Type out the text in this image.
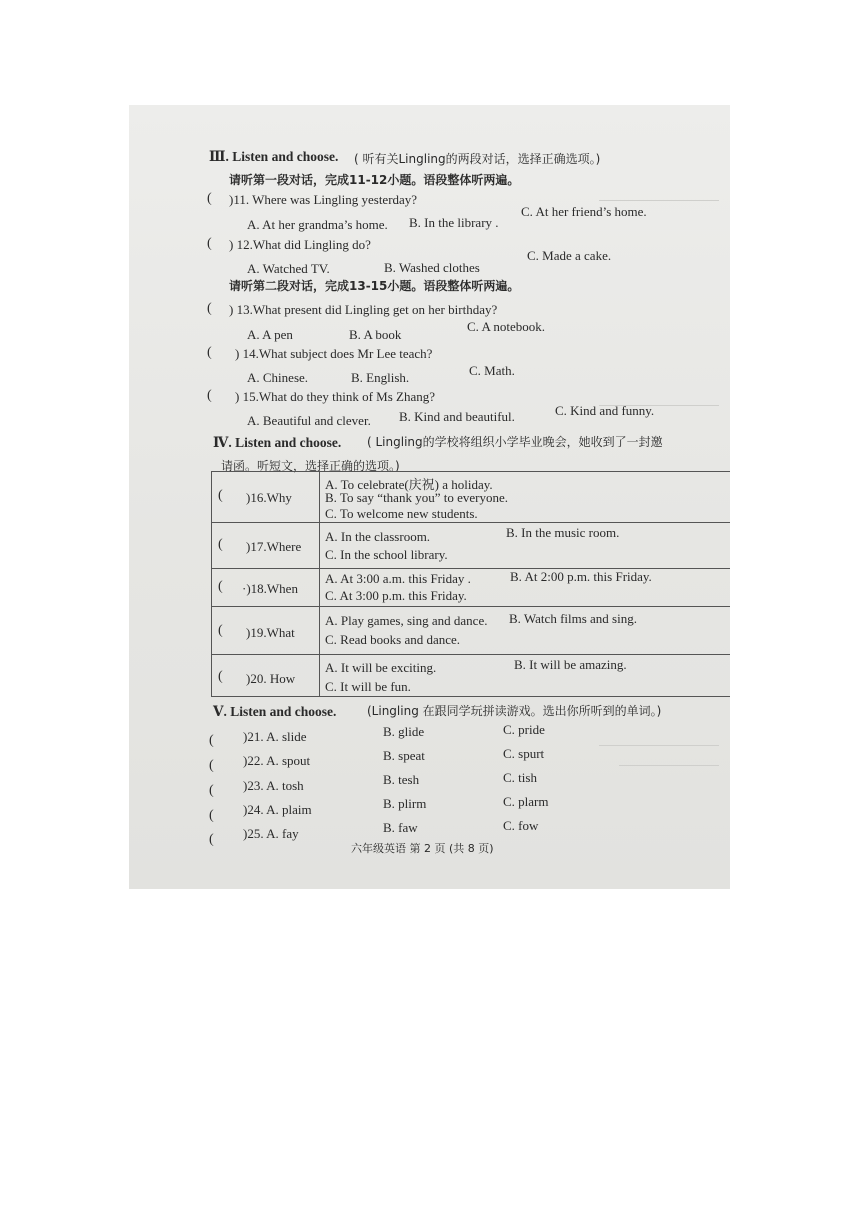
Ⅲ. Listen and choose. ( 听有关Lingling的两段对话，选择正确选项。)
请听第一段对话，完成11-12小题。语段整体听两遍。
( )11. Where was Lingling yesterday?
A. At her grandma’s home. B. In the library .
C. At her friend’s home.
( ) 12.What did Lingling do?
A. Watched TV.	B. Washed clothes
C. Made a cake.
请听第二段对话，完成13-15小题。语段整体听两遍。
( ) 13.What present did Lingling get on her birthday?
A. A pen	B. A book
C. A notebook.
( ) 14.What subject does Mr Lee teach?
A. Chinese.	B. English.	C. Math.
( ) 15.What do they think of Ms Zhang?
A. Beautiful and clever. B. Kind and beautiful.	C. Kind and funny.
Ⅳ. Listen and choose. ( Lingling的学校将组织小学毕业晚会，她收到了一封邀
请函。听短文，选择正确的选项。)
( )16.Why
A. To celebrate(庆祝) a holiday.
B. To say “thank you” to everyone.
C. To welcome new students.
( )17.Where
A. In the classroom.	B. In the music room.
C. In the school library.
( ·)18.When
A. At 3:00 a.m. this Friday .	B. At 2:00 p.m. this Friday.
C. At 3:00 p.m. this Friday.
( )19.What
A. Play games, sing and dance. B. Watch films and sing.
C. Read books and dance.
( )20. How
A. It will be exciting.	B. It will be amazing.
C. It will be fun.
Ⅴ. Listen and choose.	(Lingling 在跟同学玩拼读游戏。选出你所听到的单词。)
( )21. A. slide	B. glide	C. pride
( )22. A. spout	B. speat	C. spurt
( )23. A. tosh	B. tesh	C. tish
( )24. A. plaim	B. plirm	C. plarm
( )25. A. fay	B. faw	C. fow
六年级英语 第 2 页 (共 8 页)
